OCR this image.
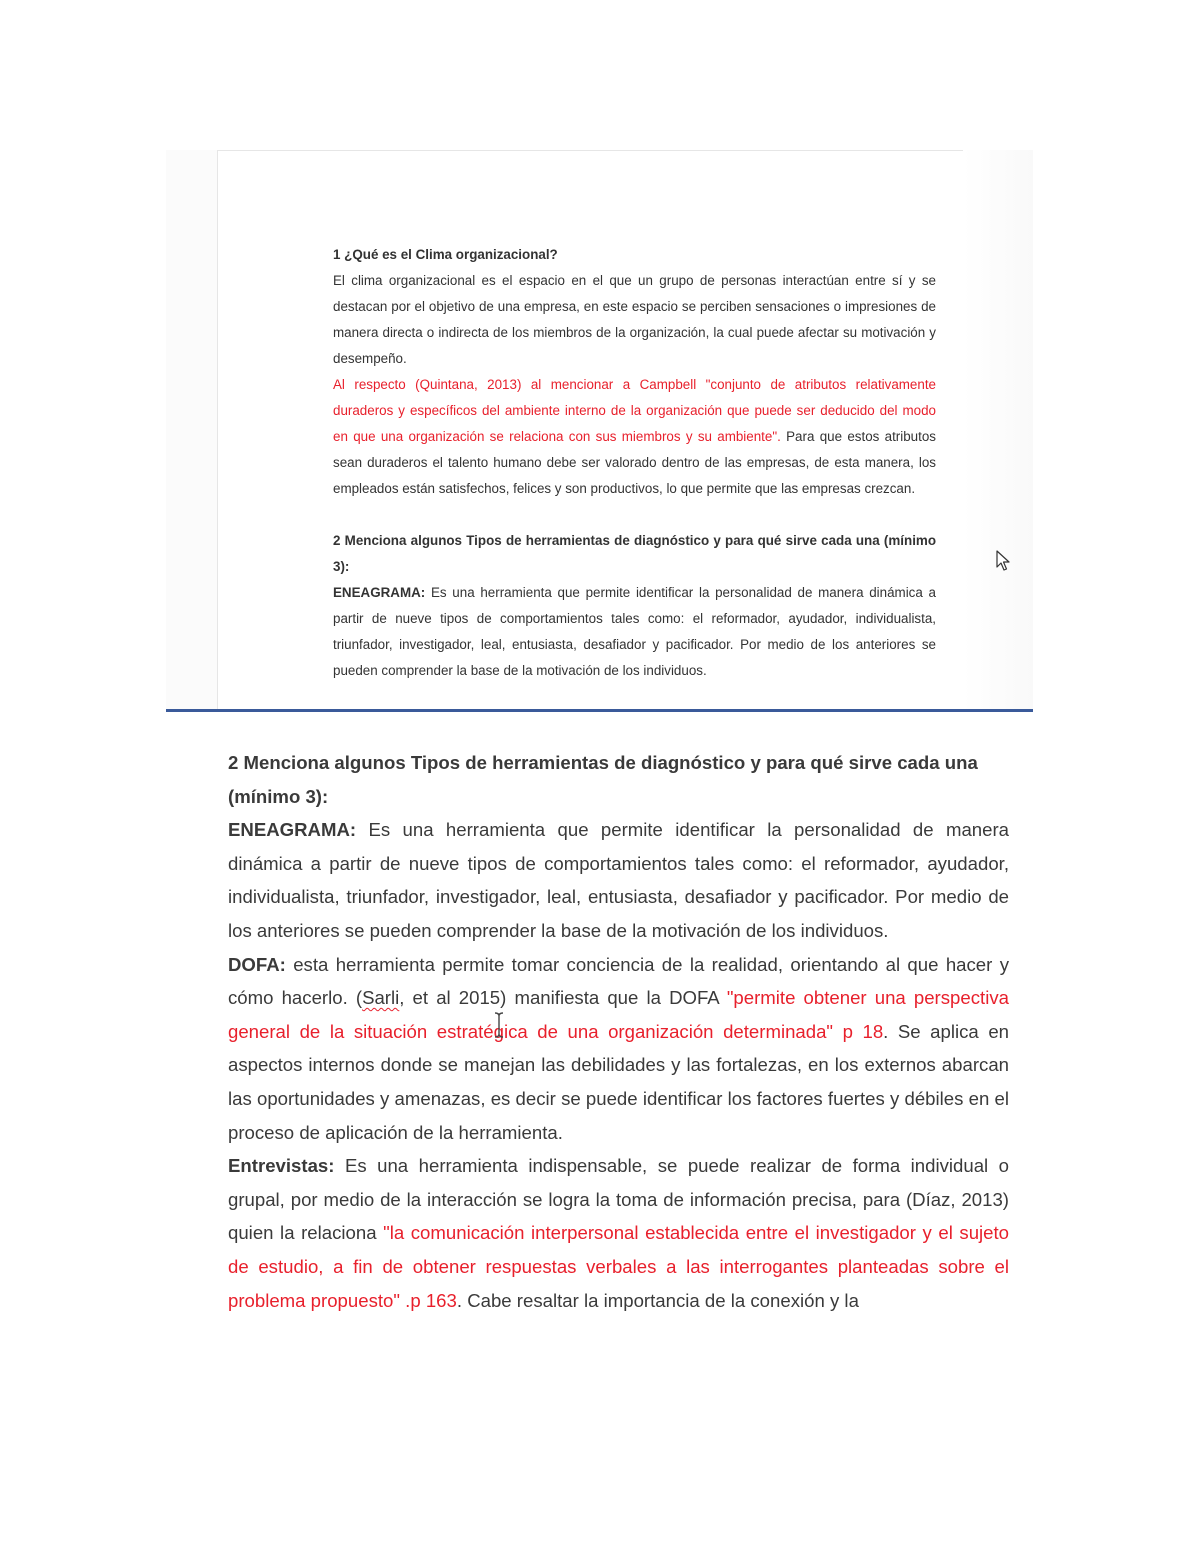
1 ¿Qué es el Clima organizacional?

El clima organizacional es el espacio en el que un grupo de personas interactúan entre sí y se destacan por el objetivo de una empresa, en este espacio se perciben sensaciones o impresiones de manera directa o indirecta de los miembros de la organización, la cual puede afectar su motivación y desempeño.

Al respecto (Quintana, 2013) al mencionar a Campbell "conjunto de atributos relativamente duraderos y específicos del ambiente interno de la organización que puede ser deducido del modo en que una organización se relaciona con sus miembros y su ambiente". Para que estos atributos sean duraderos el talento humano debe ser valorado dentro de las empresas, de esta manera, los empleados están satisfechos, felices y son productivos, lo que permite que las empresas crezcan.

2 Menciona algunos Tipos de herramientas de diagnóstico y para qué sirve cada una (mínimo 3):

ENEAGRAMA: Es una herramienta que permite identificar la personalidad de manera dinámica a partir de nueve tipos de comportamientos tales como: el reformador, ayudador, individualista, triunfador, investigador, leal, entusiasta, desafiador y pacificador. Por medio de los anteriores se pueden comprender la base de la motivación de los individuos.

2 Menciona algunos Tipos de herramientas de diagnóstico y para qué sirve cada una (mínimo 3):

ENEAGRAMA: Es una herramienta que permite identificar la personalidad de manera dinámica a partir de nueve tipos de comportamientos tales como: el reformador, ayudador, individualista, triunfador, investigador, leal, entusiasta, desafiador y pacificador. Por medio de los anteriores se pueden comprender la base de la motivación de los individuos.

DOFA: esta herramienta permite tomar conciencia de la realidad, orientando al que hacer y cómo hacerlo. (Sarli, et al 2015) manifiesta que la DOFA "permite obtener una perspectiva general de la situación estratégica de una organización determinada" p 18. Se aplica en aspectos internos donde se manejan las debilidades y las fortalezas, en los externos abarcan las oportunidades y amenazas, es decir se puede identificar los factores fuertes y débiles en el proceso de aplicación de la herramienta.

Entrevistas: Es una herramienta indispensable, se puede realizar de forma individual o grupal, por medio de la interacción se logra la toma de información precisa, para (Díaz, 2013) quien la relaciona "la comunicación interpersonal establecida entre el investigador y el sujeto de estudio, a fin de obtener respuestas verbales a las interrogantes planteadas sobre el problema propuesto" .p 163. Cabe resaltar la importancia de la conexión y la
